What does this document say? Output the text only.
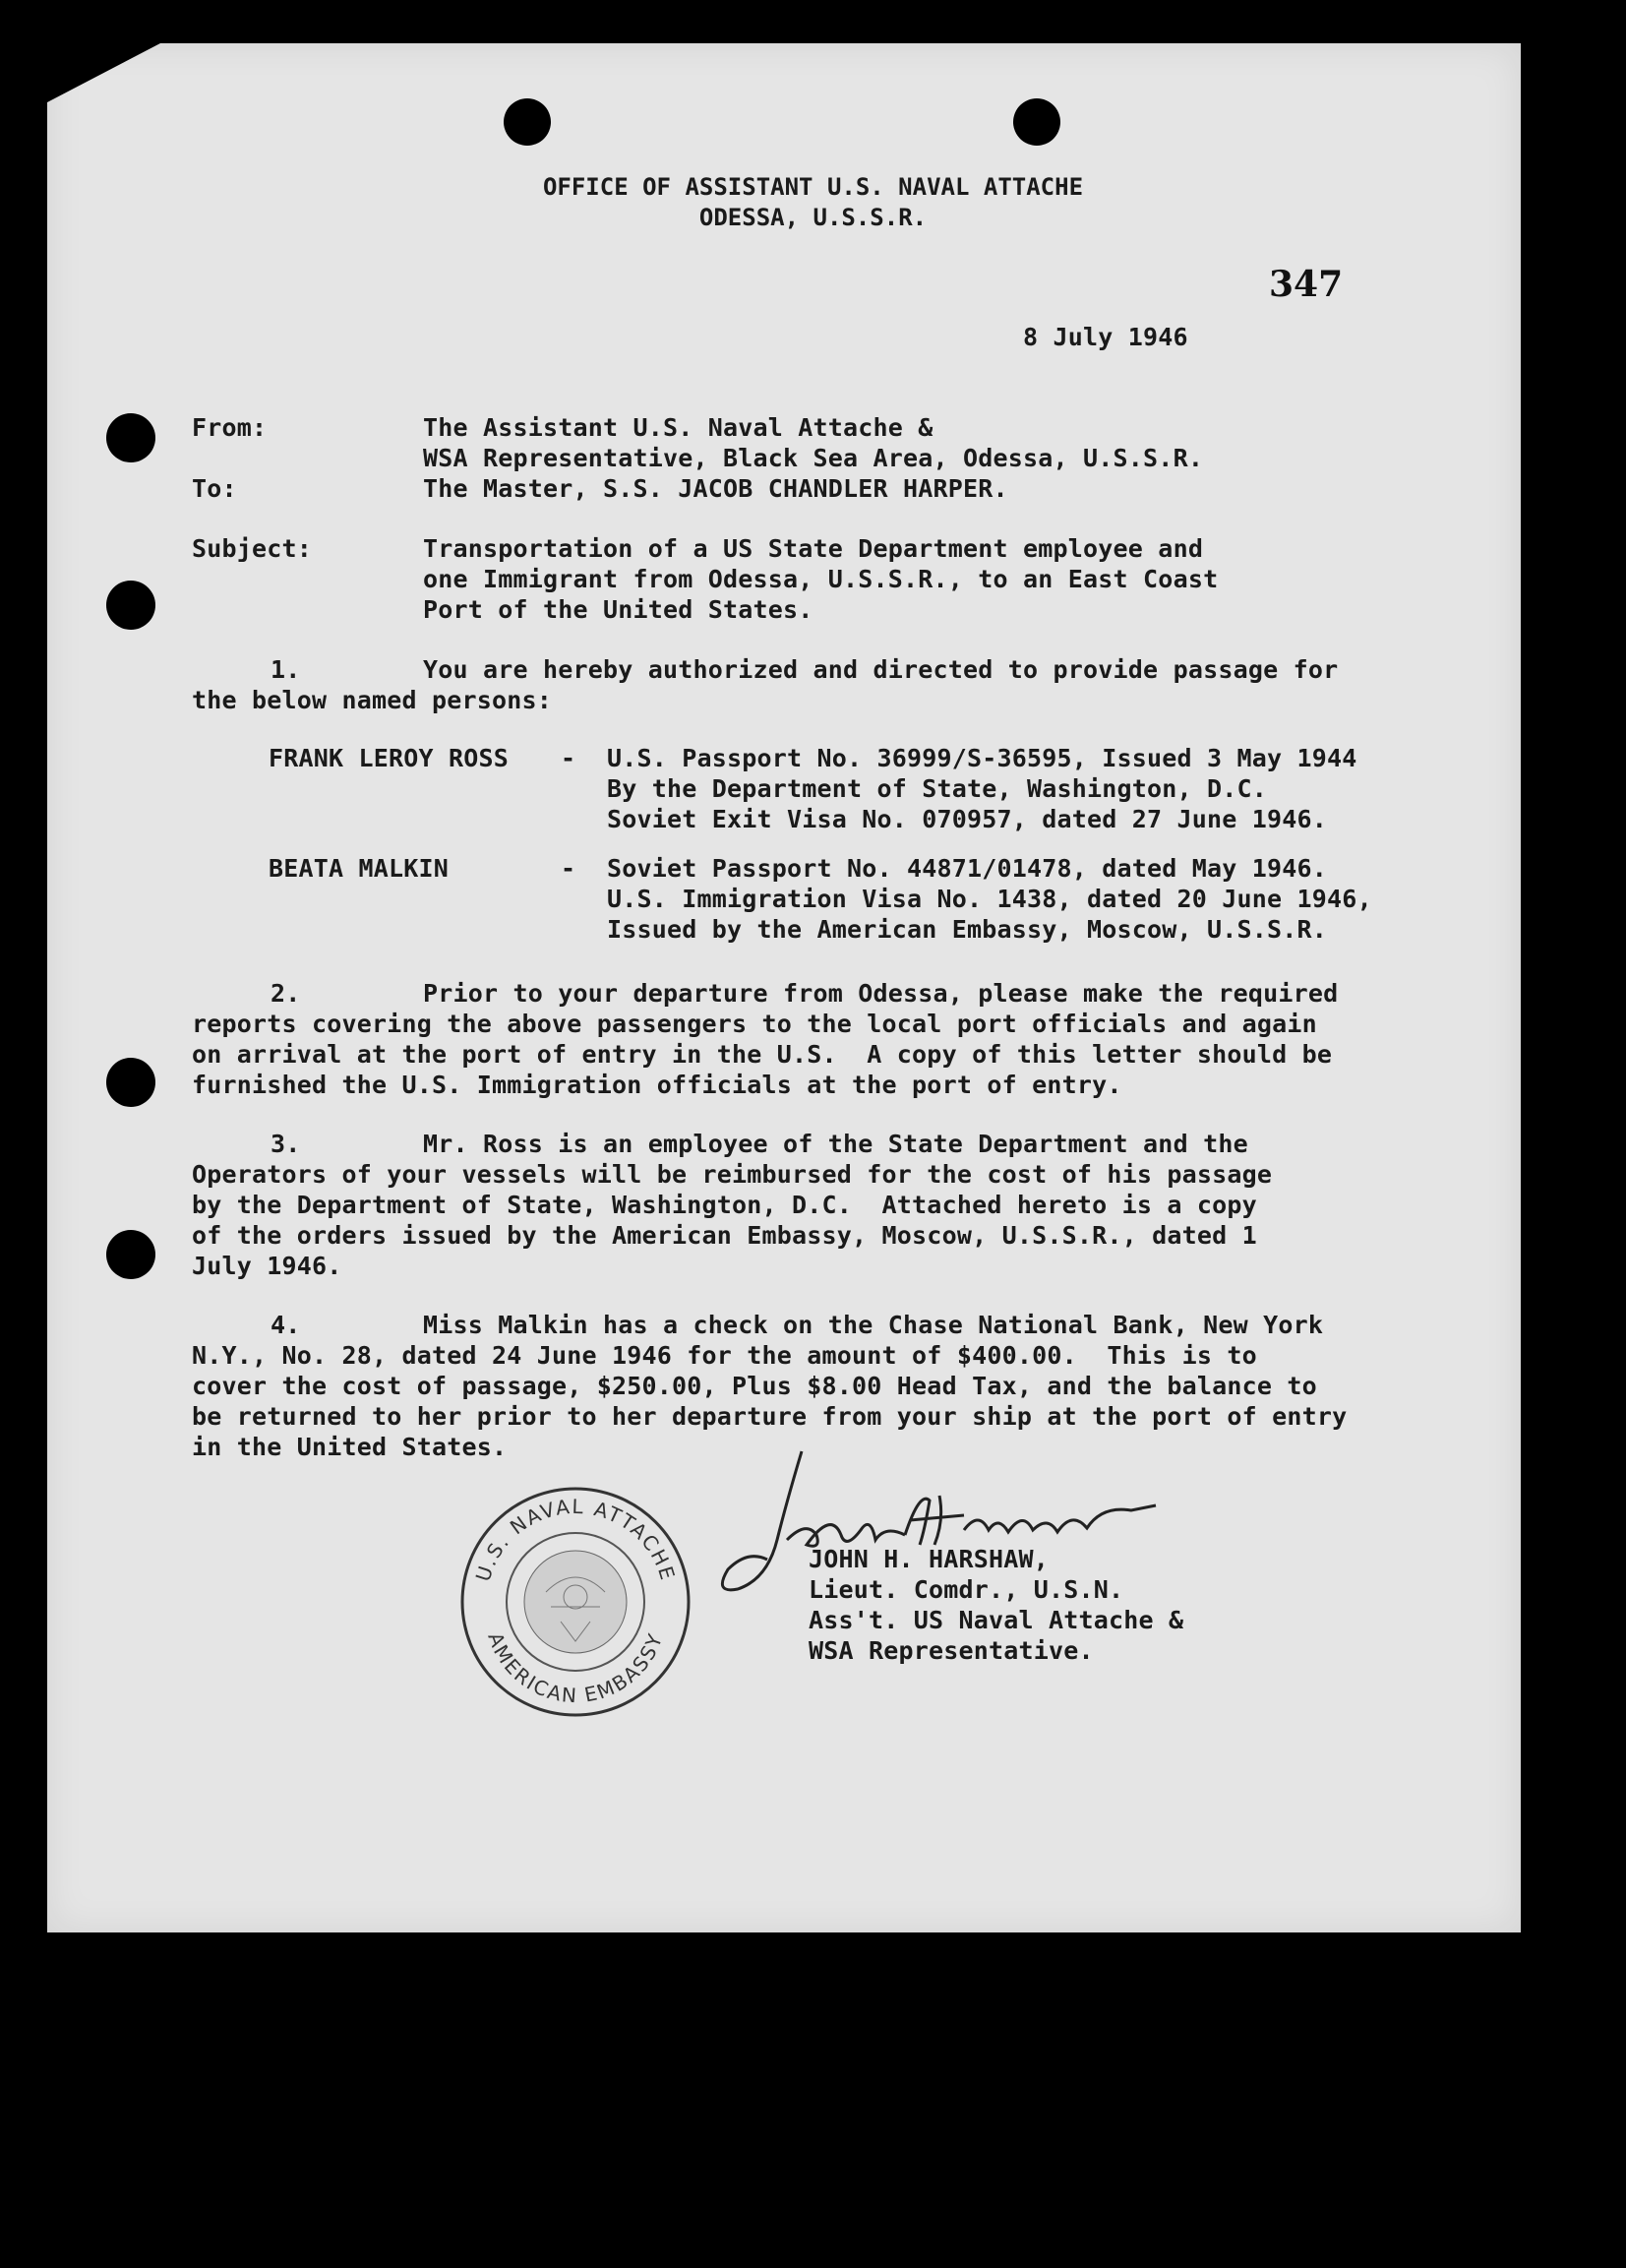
OFFICE OF ASSISTANT U.S. NAVAL ATTACHE
ODESSA, U.S.S.R.
347
8 July 1946
From:	The Assistant U.S. Naval Attache &
WSA Representative, Black Sea Area, Odessa, U.S.S.R.
To:	The Master, S.S. JACOB CHANDLER HARPER.
Subject:	Transportation of a US State Department employee and
one Immigrant from Odessa, U.S.S.R., to an East Coast
Port of the United States.
1.	You are hereby authorized and directed to provide passage for
the below named persons:
FRANK LEROY ROSS - U.S. Passport No. 36999/S-36595, Issued 3 May 1944
By the Department of State, Washington, D.C.
Soviet Exit Visa No. 070957, dated 27 June 1946.
BEATA MALKIN	- Soviet Passport No. 44871/01478, dated May 1946.
U.S. Immigration Visa No. 1438, dated 20 June 1946,
Issued by the American Embassy, Moscow, U.S.S.R.
2.	Prior to your departure from Odessa, please make the required
reports covering the above passengers to the local port officials and again
on arrival at the port of entry in the U.S.  A copy of this letter should be
furnished the U.S. Immigration officials at the port of entry.
3.	Mr. Ross is an employee of the State Department and the
Operators of your vessels will be reimbursed for the cost of his passage
by the Department of State, Washington, D.C.  Attached hereto is a copy
of the orders issued by the American Embassy, Moscow, U.S.S.R., dated 1
July 1946.
4.	Miss Malkin has a check on the Chase National Bank, New York
N.Y., No. 28, dated 24 June 1946 for the amount of $400.00.  This is to
cover the cost of passage, $250.00, Plus $8.00 Head Tax, and the balance to
be returned to her prior to her departure from your ship at the port of entry
in the United States.
U.S. NAVAL ATTACHE
AMERICAN EMBASSY
JOHN H. HARSHAW,
Lieut. Comdr., U.S.N.
Ass't. US Naval Attache &
WSA Representative.
